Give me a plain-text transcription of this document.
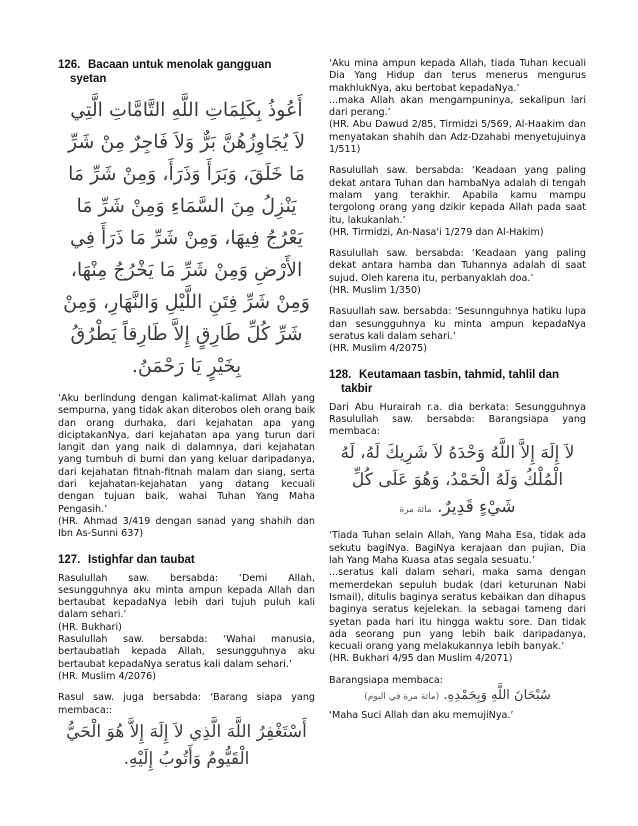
126. Bacaan untuk menolak gangguan
syetan
أَعُوذُ بِكَلِمَاتِ اللَّهِ التَّامَّاتِ الَّتِي لاَ يُجَاوِزُهُنَّ بَرٌّ وَلاَ فَاجِرٌ مِنْ شَرِّ مَا خَلَقَ، وَبَرَأَ وَذَرَأَ، وَمِنْ شَرِّ مَا يَنْزِلُ مِنَ السَّمَاءِ وَمِنْ شَرِّ مَا يَعْرُجُ فِيهَا، وَمِنْ شَرِّ مَا ذَرَأَ فِي الأَرْضِ وَمِنْ شَرِّ مَا يَخْرُجُ مِنْهَا، وَمِنْ شَرِّ فِتَنِ اللَّيْلِ وَالنَّهَارِ، وَمِنْ شَرِّ كُلِّ طَارِقٍ إِلاَّ طَارِقاً يَطْرُقُ بِخَيْرٍ يَا رَحْمَنُ.

‘Aku berlindung dengan kalimat-kalimat Allah yang sempurna, yang tidak akan diterobos oleh orang baik dan orang durhaka, dari kejahatan apa yang diciptakanNya, dari kejahatan apa yang turun dari langit dan yang naik di dalamnya, dari kejahatan yang tumbuh di bumi dan yang keluar daripadanya, dari kejahatan fitnah-fitnah malam dan siang, serta dari kejahatan-kejahatan yang datang kecuali dengan tujuan baik, wahai Tuhan Yang Maha Pengasih.’

(HR. Ahmad 3/419 dengan sanad yang shahih dan Ibn As-Sunni 637)

127. Istighfar dan taubat

Rasulullah saw. bersabda: ‘Demi Allah, sesungguhnya aku minta ampun kepada Allah dan bertaubat kepadaNya lebih dari tujuh puluh kali dalam sehari.’

(HR. Bukhari)

Rasulullah saw. bersabda: ‘Wahai manusia, bertaubatlah kepada Allah, sesungguhnya aku bertaubat kepadaNya seratus kali dalam sehari.’

(HR. Muslim 4/2076)

Rasul saw. juga bersabda: ‘Barang siapa yang membaca::

أَسْتَغْفِرُ اللَّهَ الَّذِي لاَ إِلَهَ إِلاَّ هُوَ الْحَيُّ الْقَيُّومُ وَأَتُوبُ إِلَيْهِ.

‘Aku mina ampun kepada Allah, tiada Tuhan kecuali Dia Yang Hidup dan terus menerus mengurus makhlukNya, aku bertobat kepadaNya.’

...maka Allah akan mengampuninya, sekalipun lari dari perang.’

(HR. Abu Dawud 2/85, Tirmidzi 5/569, Al-Haakim dan menyatakan shahih dan Adz-Dzahabi menyetujuinya 1/511)

Rasulullah saw. bersabda: ‘Keadaan yang paling dekat antara Tuhan dan hambaNya adalah di tengah malam yang terakhir. Apabila kamu mampu tergolong orang yang dzikir kepada Allah pada saat itu, lakukanlah.’

(HR. Tirmidzi, An-Nasa'i 1/279 dan Al-Hakim)

Rasulullah saw. bersabda: ‘Keadaan yang paling dekat antara hamba dan Tuhannya adalah di saat sujud. Oleh karena itu, perbanyaklah doa.’

(HR. Muslim 1/350)

Rasuullah saw. bersabda: ‘Sesunnguhnya hatiku lupa dan sesungguhnya ku minta ampun kepadaNya seratus kali dalam sehari.’

(HR. Muslim 4/2075)

128. Keutamaan tasbin, tahmid, tahlil dan
takbir

Dari Abu Hurairah r.a. dia berkata: Sesungguhnya Rasulullah saw. bersabda: Barangsiapa yang membaca:

لاَ إِلَهَ إِلاَّ اللَّهُ وَحْدَهُ لاَ شَرِيكَ لَهُ، لَهُ الْمُلْكُ وَلَهُ الْحَمْدُ، وَهُوَ عَلَى كُلِّ شَيْءٍ قَدِيرٌ. مائة مرة

‘Tiada Tuhan selain Allah, Yang Maha Esa, tidak ada sekutu bagiNya. BagiNya kerajaan dan pujian, Dia lah Yang Maha Kuasa atas segala sesuatu.’

...seratus kali dalam sehari, maka sama dengan memerdekan sepuluh budak (dari keturunan Nabi Ismail), ditulis baginya seratus kebaikan dan dihapus baginya seratus kejelekan. Ia sebagai tameng dari syetan pada hari itu hingga waktu sore. Dan tidak ada seorang pun yang lebih baik daripadanya, kecuali orang yang melakukannya lebih banyak.’

(HR. Bukhari 4/95 dan Muslim 4/2071)

Barangsiapa membaca:

سُبْحَانَ اللَّهِ وَبِحَمْدِهِ. (مائة مرة في اليوم)

‘Maha Suci Allah dan aku memujiNya.’
